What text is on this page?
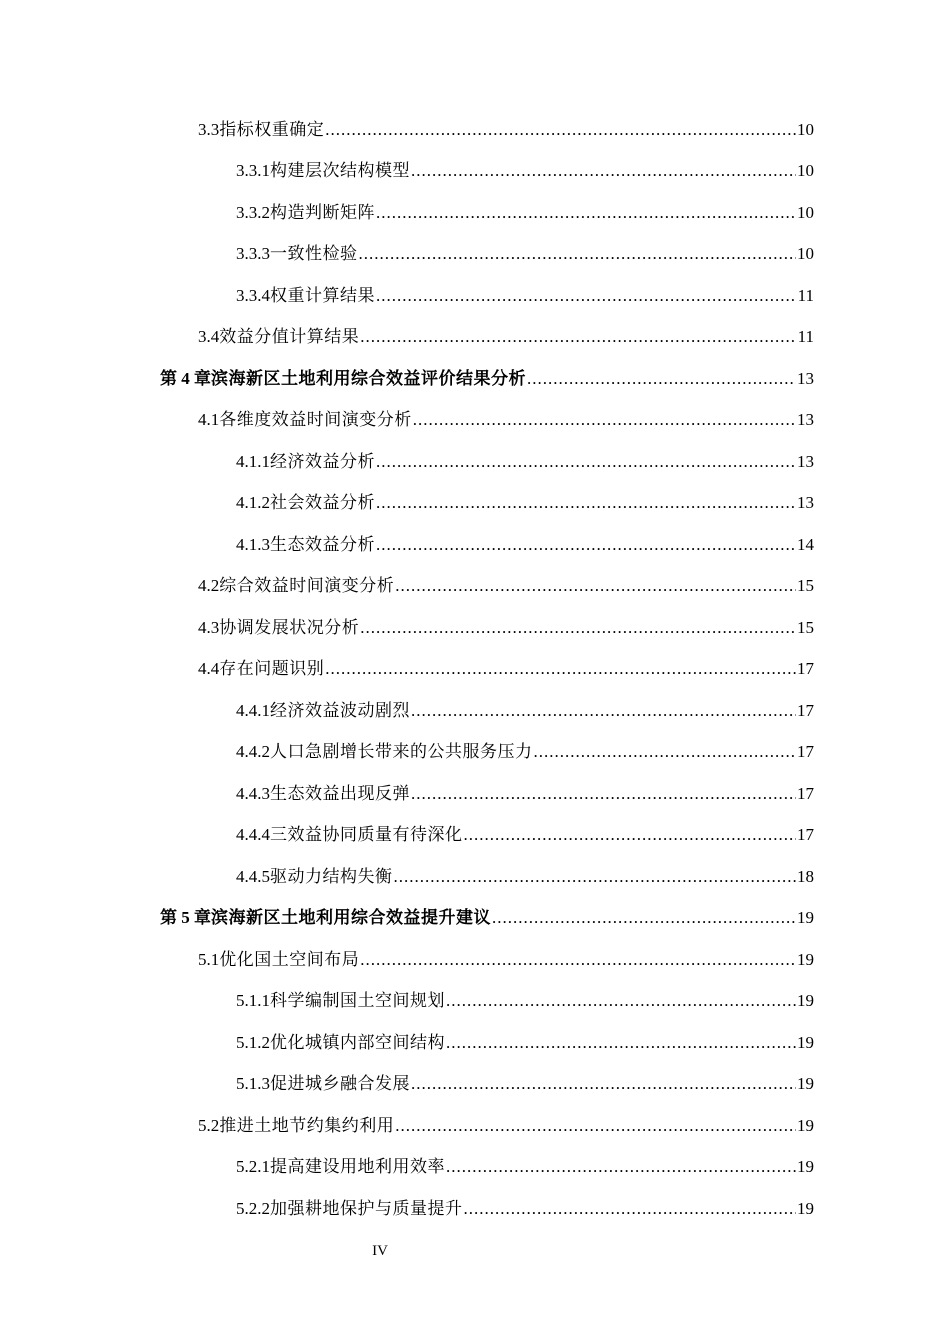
3.3 指标权重确定 .....	10
3.3.1 构建层次结构模型 .....	10
3.3.2 构造判断矩阵 .....	10
3.3.3 一致性检验 .....	10
3.3.4 权重计算结果 .....	11
3.4 效益分值计算结果 .....	11
第 4 章 滨海新区土地利用综合效益评价结果分析 .....	13
4.1 各维度效益时间演变分析 .....	13
4.1.1 经济效益分析 .....	13
4.1.2 社会效益分析 .....	13
4.1.3 生态效益分析 .....	14
4.2 综合效益时间演变分析 .....	15
4.3 协调发展状况分析 .....	15
4.4 存在问题识别 .....	17
4.4.1 经济效益波动剧烈 .....	17
4.4.2 人口急剧增长带来的公共服务压力 .....	17
4.4.3 生态效益出现反弹 .....	17
4.4.4 三效益协同质量有待深化 .....	17
4.4.5 驱动力结构失衡 .....	18
第 5 章 滨海新区土地利用综合效益提升建议 .....	19
5.1 优化国土空间布局 .....	19
5.1.1 科学编制国土空间规划 .....	19
5.1.2 优化城镇内部空间结构 .....	19
5.1.3 促进城乡融合发展 .....	19
5.2 推进土地节约集约利用 .....	19
5.2.1 提高建设用地利用效率 .....	19
5.2.2 加强耕地保护与质量提升 .....	19
IV
